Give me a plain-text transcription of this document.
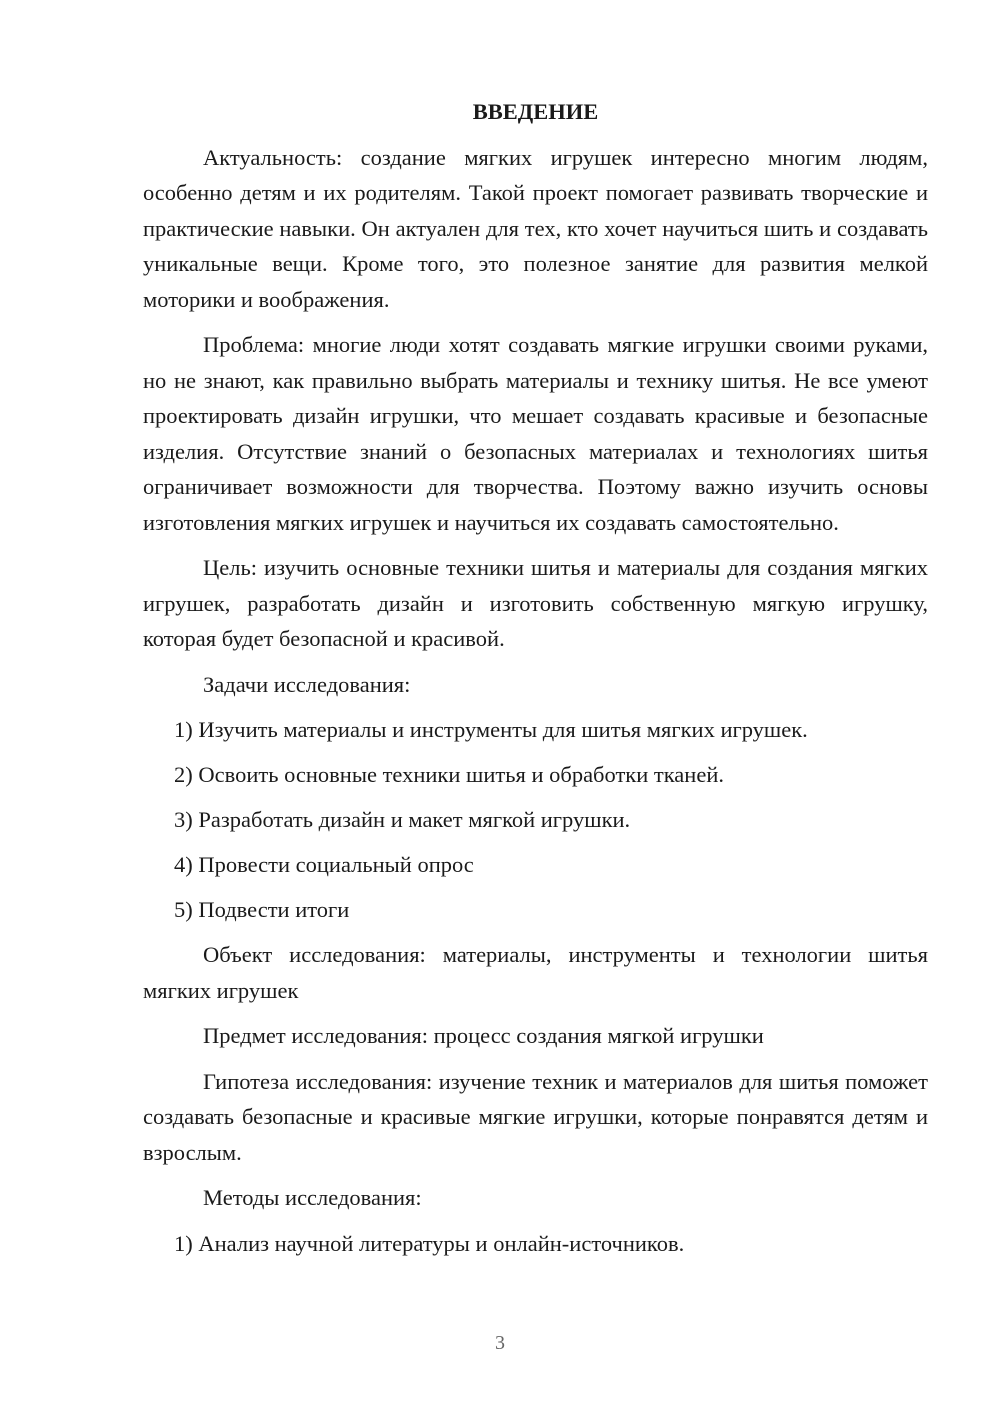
ВВЕДЕНИЕ

Актуальность: создание мягких игрушек интересно многим людям, особенно детям и их родителям. Такой проект помогает развивать творческие и практические навыки. Он актуален для тех, кто хочет научиться шить и создавать уникальные вещи. Кроме того, это полезное занятие для развития мелкой моторики и воображения.

Проблема: многие люди хотят создавать мягкие игрушки своими руками, но не знают, как правильно выбрать материалы и технику шитья. Не все умеют проектировать дизайн игрушки, что мешает создавать красивые и безопасные изделия. Отсутствие знаний о безопасных материалах и технологиях шитья ограничивает возможности для творчества. Поэтому важно изучить основы изготовления мягких игрушек и научиться их создавать самостоятельно.

Цель: изучить основные техники шитья и материалы для создания мягких игрушек, разработать дизайн и изготовить собственную мягкую игрушку, которая будет безопасной и красивой.

Задачи исследования:

1) Изучить материалы и инструменты для шитья мягких игрушек.

2) Освоить основные техники шитья и обработки тканей.

3) Разработать дизайн и макет мягкой игрушки.

4) Провести социальный опрос

5) Подвести итоги

Объект исследования: материалы, инструменты и технологии шитья мягких игрушек

Предмет исследования: процесс создания мягкой игрушки

Гипотеза исследования: изучение техник и материалов для шитья поможет создавать безопасные и красивые мягкие игрушки, которые понравятся детям и взрослым.

Методы исследования:

1) Анализ научной литературы и онлайн-источников.

3
